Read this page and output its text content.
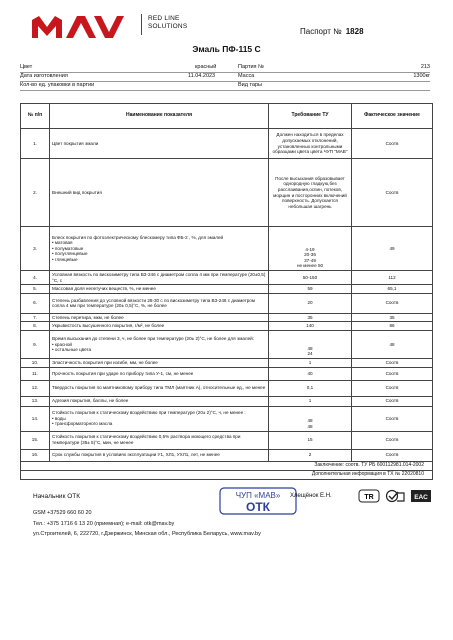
RED LINE
SOLUTIONS
Паспорт № 1828
Эмаль ПФ-115 С
Цвет	красный	Партия №	213
Дата изготовления	11.04.2023	Масса	1300кг
Кол-во ед. упаковки в партии	Вид тары
№ п/п	Наименование показателя	Требование ТУ	Фактическое значение
1.	Цвет покрытия эмали	Должен находиться в пределах допускаемых отклонений, установленных контрольными образцами цвета цвета ЧУП "МАВ"	Соотв
2.	Внешний вид покрытия	После высыхания образовывает однородную гладкую,без расслаивания,оспин, потеков, морщин и посторонних включений поверхность. Допускается небольшая шагрень	Соотв
3.	Блеск покрытия по фотоэлектрическому блескомеру типа ФБ-2 , %, для эмалей
• матовая
• полуматовые
• полуглянцевые
• глянцевые	4-19
20-36
37-49
не менее 50	49
4.	Условная вязкость по вискозиметру типа ВЗ-246 с диаметром сопла 4 мм при температуре (20±0,5)°С, с	50-150	112
5.	Массовая доля нелетучих веществ, %, не менее	59	65,1
6.	Степень разбавления до условной вязкости 28-30 с по вискозиметру типа ВЗ-246 с диаметром сопла 4 мм при температуре (20± 0,5)°С, %, не более	20	Соотв
7.	Степень перетира, мкм, не более	35	35
8.	Укрывистость высушенного покрытия, г/м², не более	140	86
9.	Время высыхания до степени 3, ч, не более при температуре (20± 2)°С, не более для эмалей:
• красной
• остальные цвета	48
24	48
10.	Эластичность покрытия при изгибе, мм, не более	1	Соотв
11.	Прочность покрытия при ударе по прибору типа У-1, см, не менее	40	Соотв
12.	Твердость покрытия по маятниковому прибору типа ТМЛ (маятник А), относительные ед., не менее	0,1	Соотв
13.	Адгезия покрытия, баллы, не более	1	Соотв
14.	Стойкость покрытия к статическому воздействию при температуре (20± 2)°С, ч, не менее :
• воды
• трансформаторного масла	48
48	Соотв
15.	Стойкость покрытия к статическому воздействию 0,5% раствора моющего средства при температуре (35± 5)°С, мин, не менее	15	Соотв
16.	Срок службы покрытия в условиях эксплуатации У1, ХЛ1, УХЛ1, лет, не менее	2	Соотв
Заключение: соотв. ТУ РБ 600112981.014-2002			
Дополнительная информация в ТХ № 22020810			
Начальник ОТК	ЧУП «МАВ»
ОТК
Хлещёнок Е.Н.	TR	ЕАС
GSM +37529 660 60 20
Тел.: +375 1716 6 13 20 (приемная); e-mail: otk@mav.by
ул.Строителей, 6, 222720, г.Дзержинск, Минская обл., Республика Беларусь, www.mav.by
